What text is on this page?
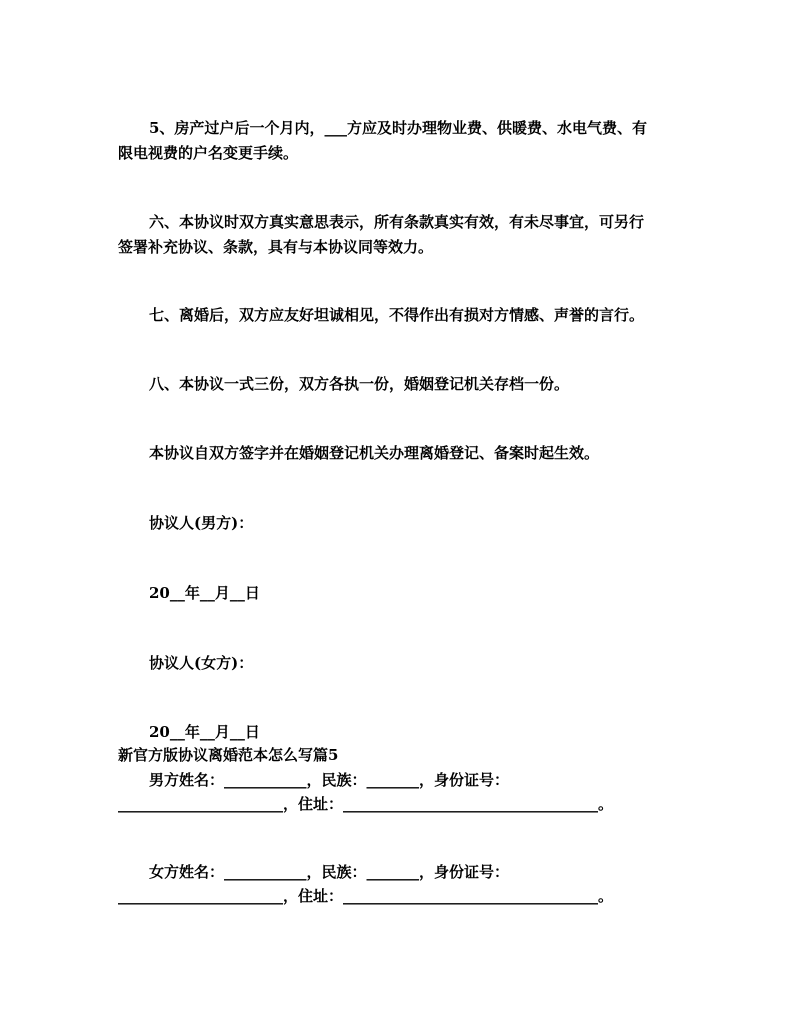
5、房产过户后一个月内，___方应及时办理物业费、供暖费、水电气费、有

限电视费的户名变更手续。

六、本协议时双方真实意思表示，所有条款真实有效，有未尽事宜，可另行

签署补充协议、条款，具有与本协议同等效力。

七、离婚后，双方应友好坦诚相见，不得作出有损对方情感、声誉的言行。

八、本协议一式三份，双方各执一份，婚姻登记机关存档一份。

本协议自双方签字并在婚姻登记机关办理离婚登记、备案时起生效。

协议人(男方)：

20__年__月__日

协议人(女方)：

20__年__月__日

新官方版协议离婚范本怎么写篇5

男方姓名：___________，民族：_______，身份证号：

______________________，住址：__________________________________。

女方姓名：___________，民族：_______，身份证号：

______________________，住址：__________________________________。
